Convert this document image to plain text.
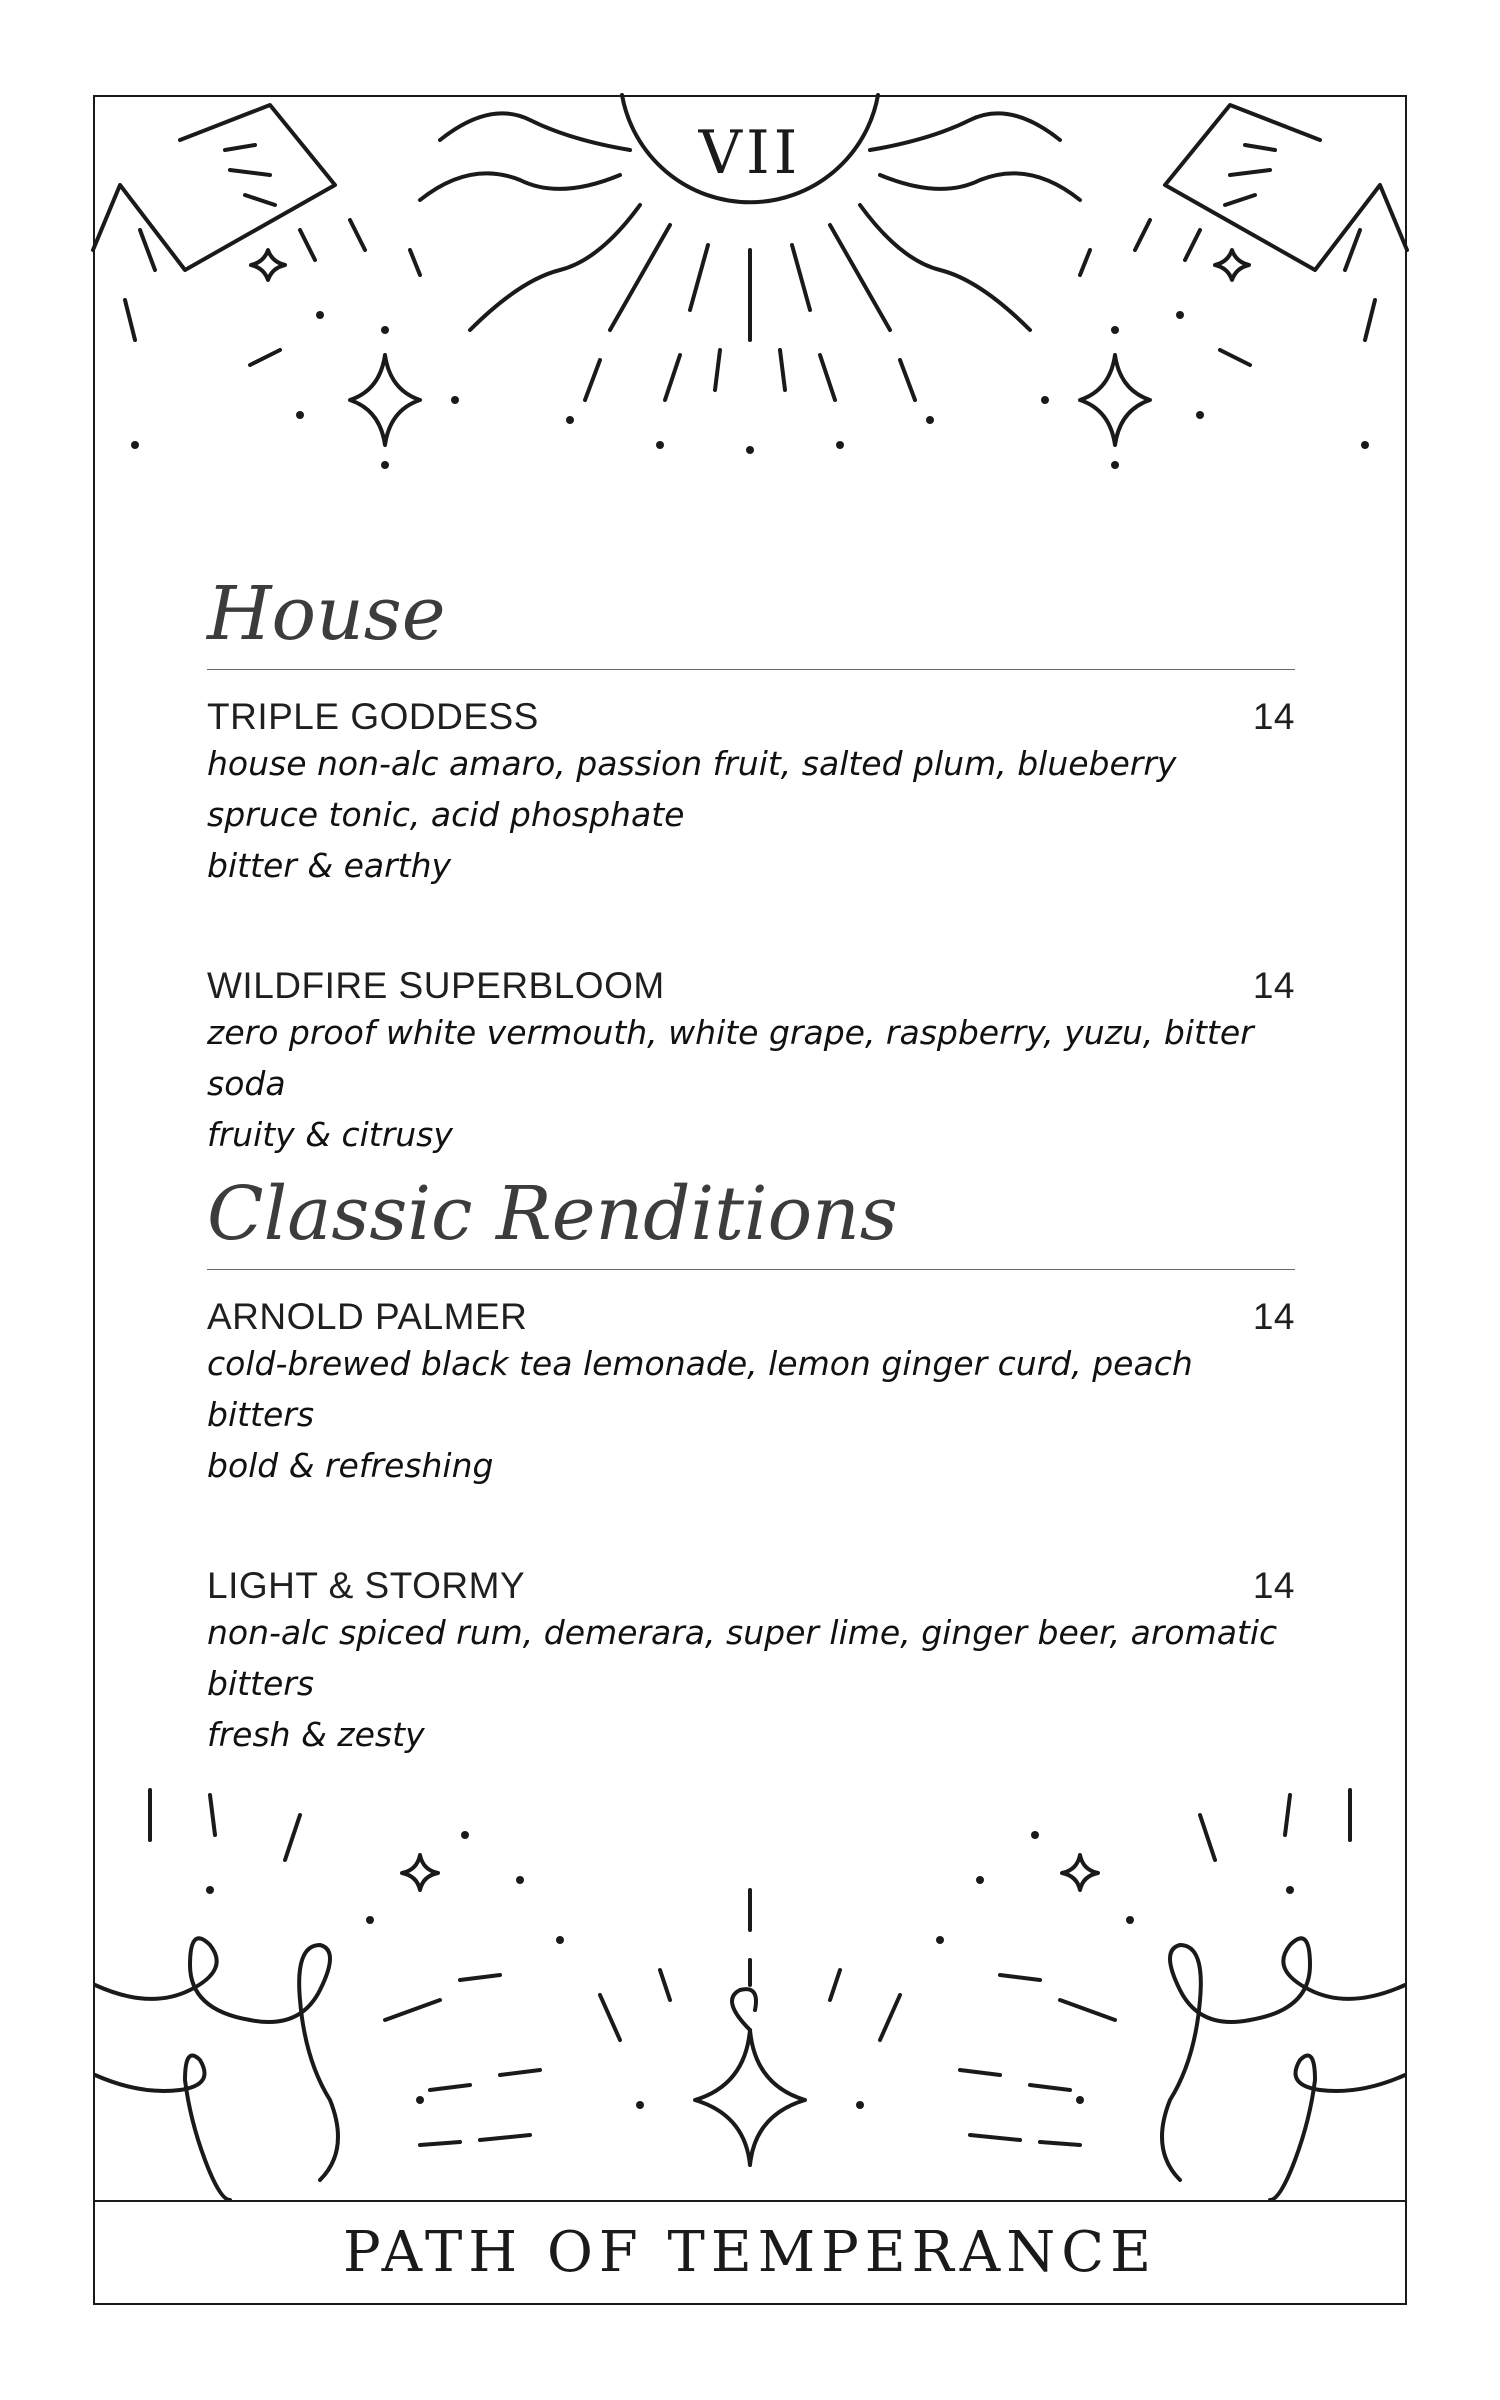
VII
House
TRIPLE GODDESS	14
house non-alc amaro, passion fruit, salted plum, blueberry spruce tonic, acid phosphate
bitter & earthy
WILDFIRE SUPERBLOOM	14
zero proof white vermouth, white grape, raspberry, yuzu, bitter soda
fruity & citrusy
Classic Renditions
ARNOLD PALMER	14
cold-brewed black tea lemonade, lemon ginger curd, peach bitters
bold & refreshing
LIGHT & STORMY	14
non-alc spiced rum, demerara, super lime, ginger beer, aromatic bitters
fresh & zesty
PATH OF TEMPERANCE
